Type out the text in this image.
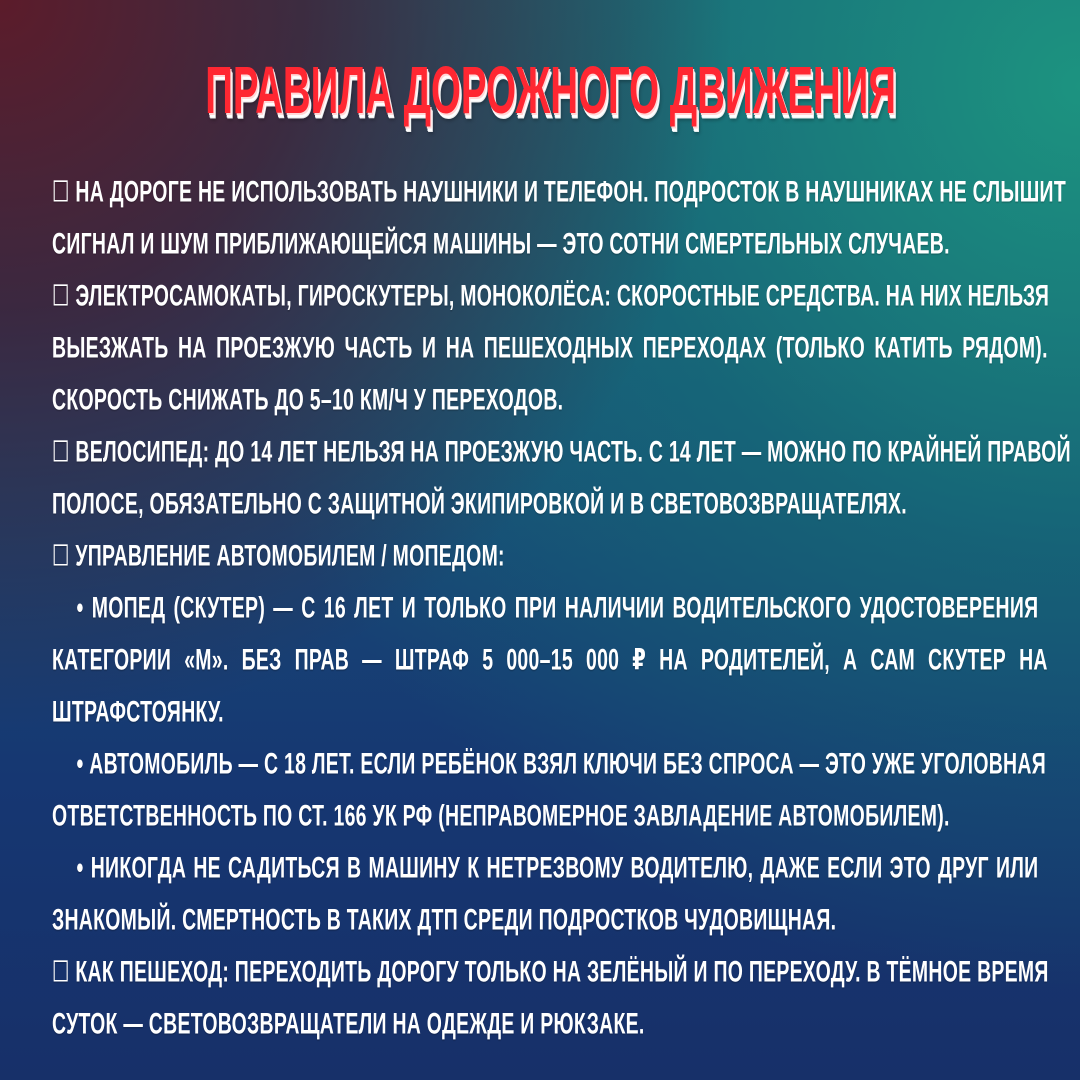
ПРАВИЛА ДОРОЖНОГО ДВИЖЕНИЯ
☐ НА ДОРОГЕ НЕ ИСПОЛЬЗОВАТЬ НАУШНИКИ И ТЕЛЕФОН. ПОДРОСТОК В НАУШНИКАХ НЕ СЛЫШИТ
СИГНАЛ И ШУМ ПРИБЛИЖАЮЩЕЙСЯ МАШИНЫ — ЭТО СОТНИ СМЕРТЕЛЬНЫХ СЛУЧАЕВ.
☐ ЭЛЕКТРОСАМОКАТЫ, ГИРОСКУТЕРЫ, МОНОКОЛЁСА: СКОРОСТНЫЕ СРЕДСТВА. НА НИХ НЕЛЬЗЯ
ВЫЕЗЖАТЬ НА ПРОЕЗЖУЮ ЧАСТЬ И НА ПЕШЕХОДНЫХ ПЕРЕХОДАХ (ТОЛЬКО КАТИТЬ РЯДОМ).
СКОРОСТЬ СНИЖАТЬ ДО 5–10 КМ/Ч У ПЕРЕХОДОВ.
☐ ВЕЛОСИПЕД: ДО 14 ЛЕТ НЕЛЬЗЯ НА ПРОЕЗЖУЮ ЧАСТЬ. С 14 ЛЕТ — МОЖНО ПО КРАЙНЕЙ ПРАВОЙ
ПОЛОСЕ, ОБЯЗАТЕЛЬНО С ЗАЩИТНОЙ ЭКИПИРОВКОЙ И В СВЕТОВОЗВРАЩАТЕЛЯХ.
☐ УПРАВЛЕНИЕ АВТОМОБИЛЕМ / МОПЕДОМ:
• МОПЕД (СКУТЕР) — С 16 ЛЕТ И ТОЛЬКО ПРИ НАЛИЧИИ ВОДИТЕЛЬСКОГО УДОСТОВЕРЕНИЯ
КАТЕГОРИИ «М». БЕЗ ПРАВ — ШТРАФ 5 000–15 000 ₽ НА РОДИТЕЛЕЙ, А САМ СКУТЕР НА
ШТРАФСТОЯНКУ.
• АВТОМОБИЛЬ — С 18 ЛЕТ. ЕСЛИ РЕБЁНОК ВЗЯЛ КЛЮЧИ БЕЗ СПРОСА — ЭТО УЖЕ УГОЛОВНАЯ
ОТВЕТСТВЕННОСТЬ ПО СТ. 166 УК РФ (НЕПРАВОМЕРНОЕ ЗАВЛАДЕНИЕ АВТОМОБИЛЕМ).
• НИКОГДА НЕ САДИТЬСЯ В МАШИНУ К НЕТРЕЗВОМУ ВОДИТЕЛЮ, ДАЖЕ ЕСЛИ ЭТО ДРУГ ИЛИ
ЗНАКОМЫЙ. СМЕРТНОСТЬ В ТАКИХ ДТП СРЕДИ ПОДРОСТКОВ ЧУДОВИЩНАЯ.
☐ КАК ПЕШЕХОД: ПЕРЕХОДИТЬ ДОРОГУ ТОЛЬКО НА ЗЕЛЁНЫЙ И ПО ПЕРЕХОДУ. В ТЁМНОЕ ВРЕМЯ
СУТОК — СВЕТОВОЗВРАЩАТЕЛИ НА ОДЕЖДЕ И РЮКЗАКЕ.
